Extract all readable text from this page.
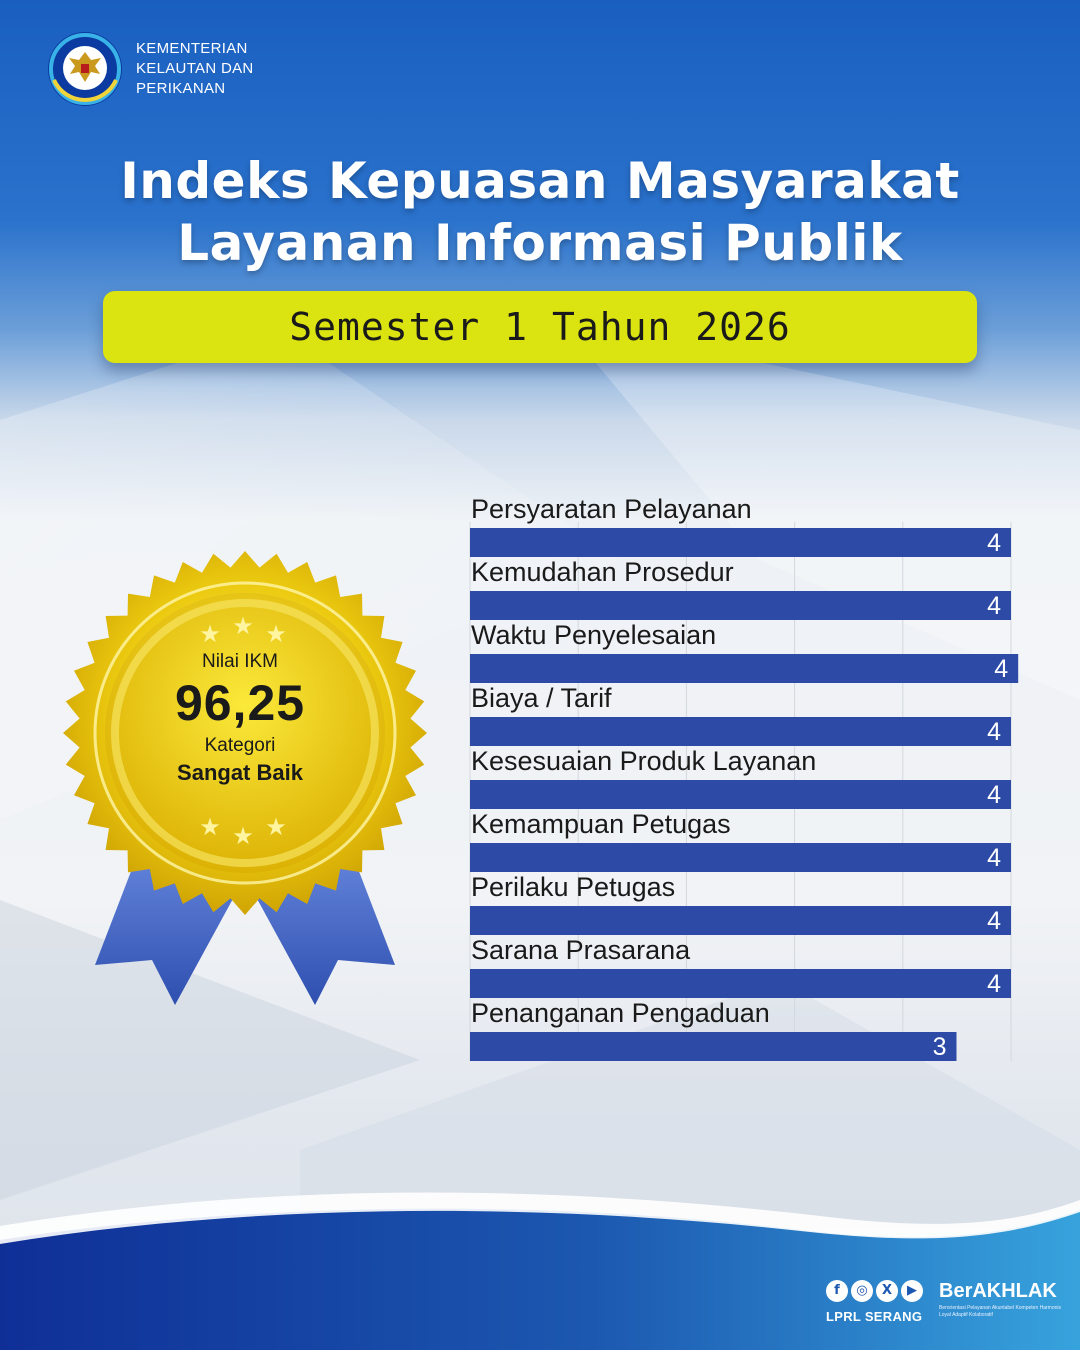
KEMENTERIAN
KELAUTAN DAN
PERIKANAN
Indeks Kepuasan Masyarakat
Layanan Informasi Publik
Semester 1 Tahun 2026
★ ★ ★
★ ★ ★
Nilai IKM
96,25
Kategori
Sangat Baik
Persyaratan Pelayanan
4
Kemudahan Prosedur
4
Waktu Penyelesaian
4
Biaya / Tarif
4
Kesesuaian Produk Layanan
4
Kemampuan Petugas
4
Perilaku Petugas
4
Sarana Prasarana
4
Penanganan Pengaduan
3
f	◎	X	▶
LPRL SERANG
BerAKHLAK
Berorientasi Pelayanan Akuntabel Kompeten Harmonis Loyal Adaptif Kolaboratif
